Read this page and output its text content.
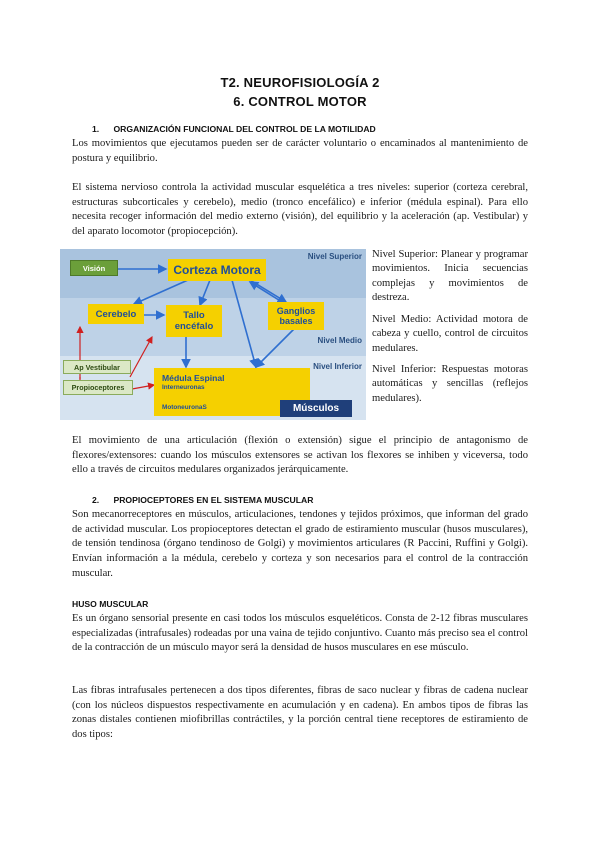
T2. NEUROFISIOLOGÍA 2
6. CONTROL MOTOR
1.      ORGANIZACIÓN FUNCIONAL DEL CONTROL DE LA MOTILIDAD

Los movimientos que ejecutamos pueden ser de carácter voluntario o encaminados al mantenimiento de postura y equilibrio.

El sistema nervioso controla la actividad muscular esquelética a tres niveles: superior (corteza cerebral, estructuras subcorticales y cerebelo), medio (tronco encefálico) e inferior (médula espinal). Para ello necesita recoger información del medio externo (visión), del equilibrio y la aceleración (ap. Vestibular) y del aparato locomotor (propiocepción).

Nivel Superior
Nivel Medio
Nivel Inferior
Visión	Corteza Motora
Cerebelo	Tallo
encéfalo
Ganglios
basales
Ap Vestibular
Propioceptores
Médula Espinal
Interneuronas
MotoneuronaS	Músculos

Nivel Superior: Planear y programar movimientos. Inicia secuencias complejas y movimientos de destreza.

Nivel Medio: Actividad motora de cabeza y cuello, control de circuitos medulares.

Nivel Inferior: Respuestas motoras automáticas y sencillas (reflejos medulares).

El movimiento de una articulación (flexión o extensión) sigue el principio de antagonismo de flexores/extensores: cuando los músculos extensores se activan los flexores se inhiben y viceversa, todo ello a través de circuitos medulares organizados jerárquicamente.

2.      PROPIOCEPTORES EN EL SISTEMA MUSCULAR

Son mecanorreceptores en músculos, articulaciones, tendones y tejidos próximos, que informan del grado de actividad muscular. Los propioceptores detectan el grado de estiramiento muscular (husos musculares), de tensión tendinosa (órgano tendinoso de Golgi) y movimientos articulares (R Paccini, Ruffini y Golgi). Envían información a la médula, cerebelo y corteza y son necesarios para el control de la contracción muscular.

HUSO MUSCULAR

Es un órgano sensorial presente en casi todos los músculos esqueléticos. Consta de 2-12 fibras musculares especializadas (intrafusales) rodeadas por una vaina de tejido conjuntivo. Cuanto más preciso sea el control de la contracción de un músculo mayor será la densidad de husos musculares en ese músculo.

Las fibras intrafusales pertenecen a dos tipos diferentes, fibras de saco nuclear y fibras de cadena nuclear (con los núcleos dispuestos respectivamente en acumulación y en cadena). En ambos tipos de fibras las zonas distales contienen miofibrillas contráctiles, y la porción central tiene receptores de estiramiento de dos tipos:
